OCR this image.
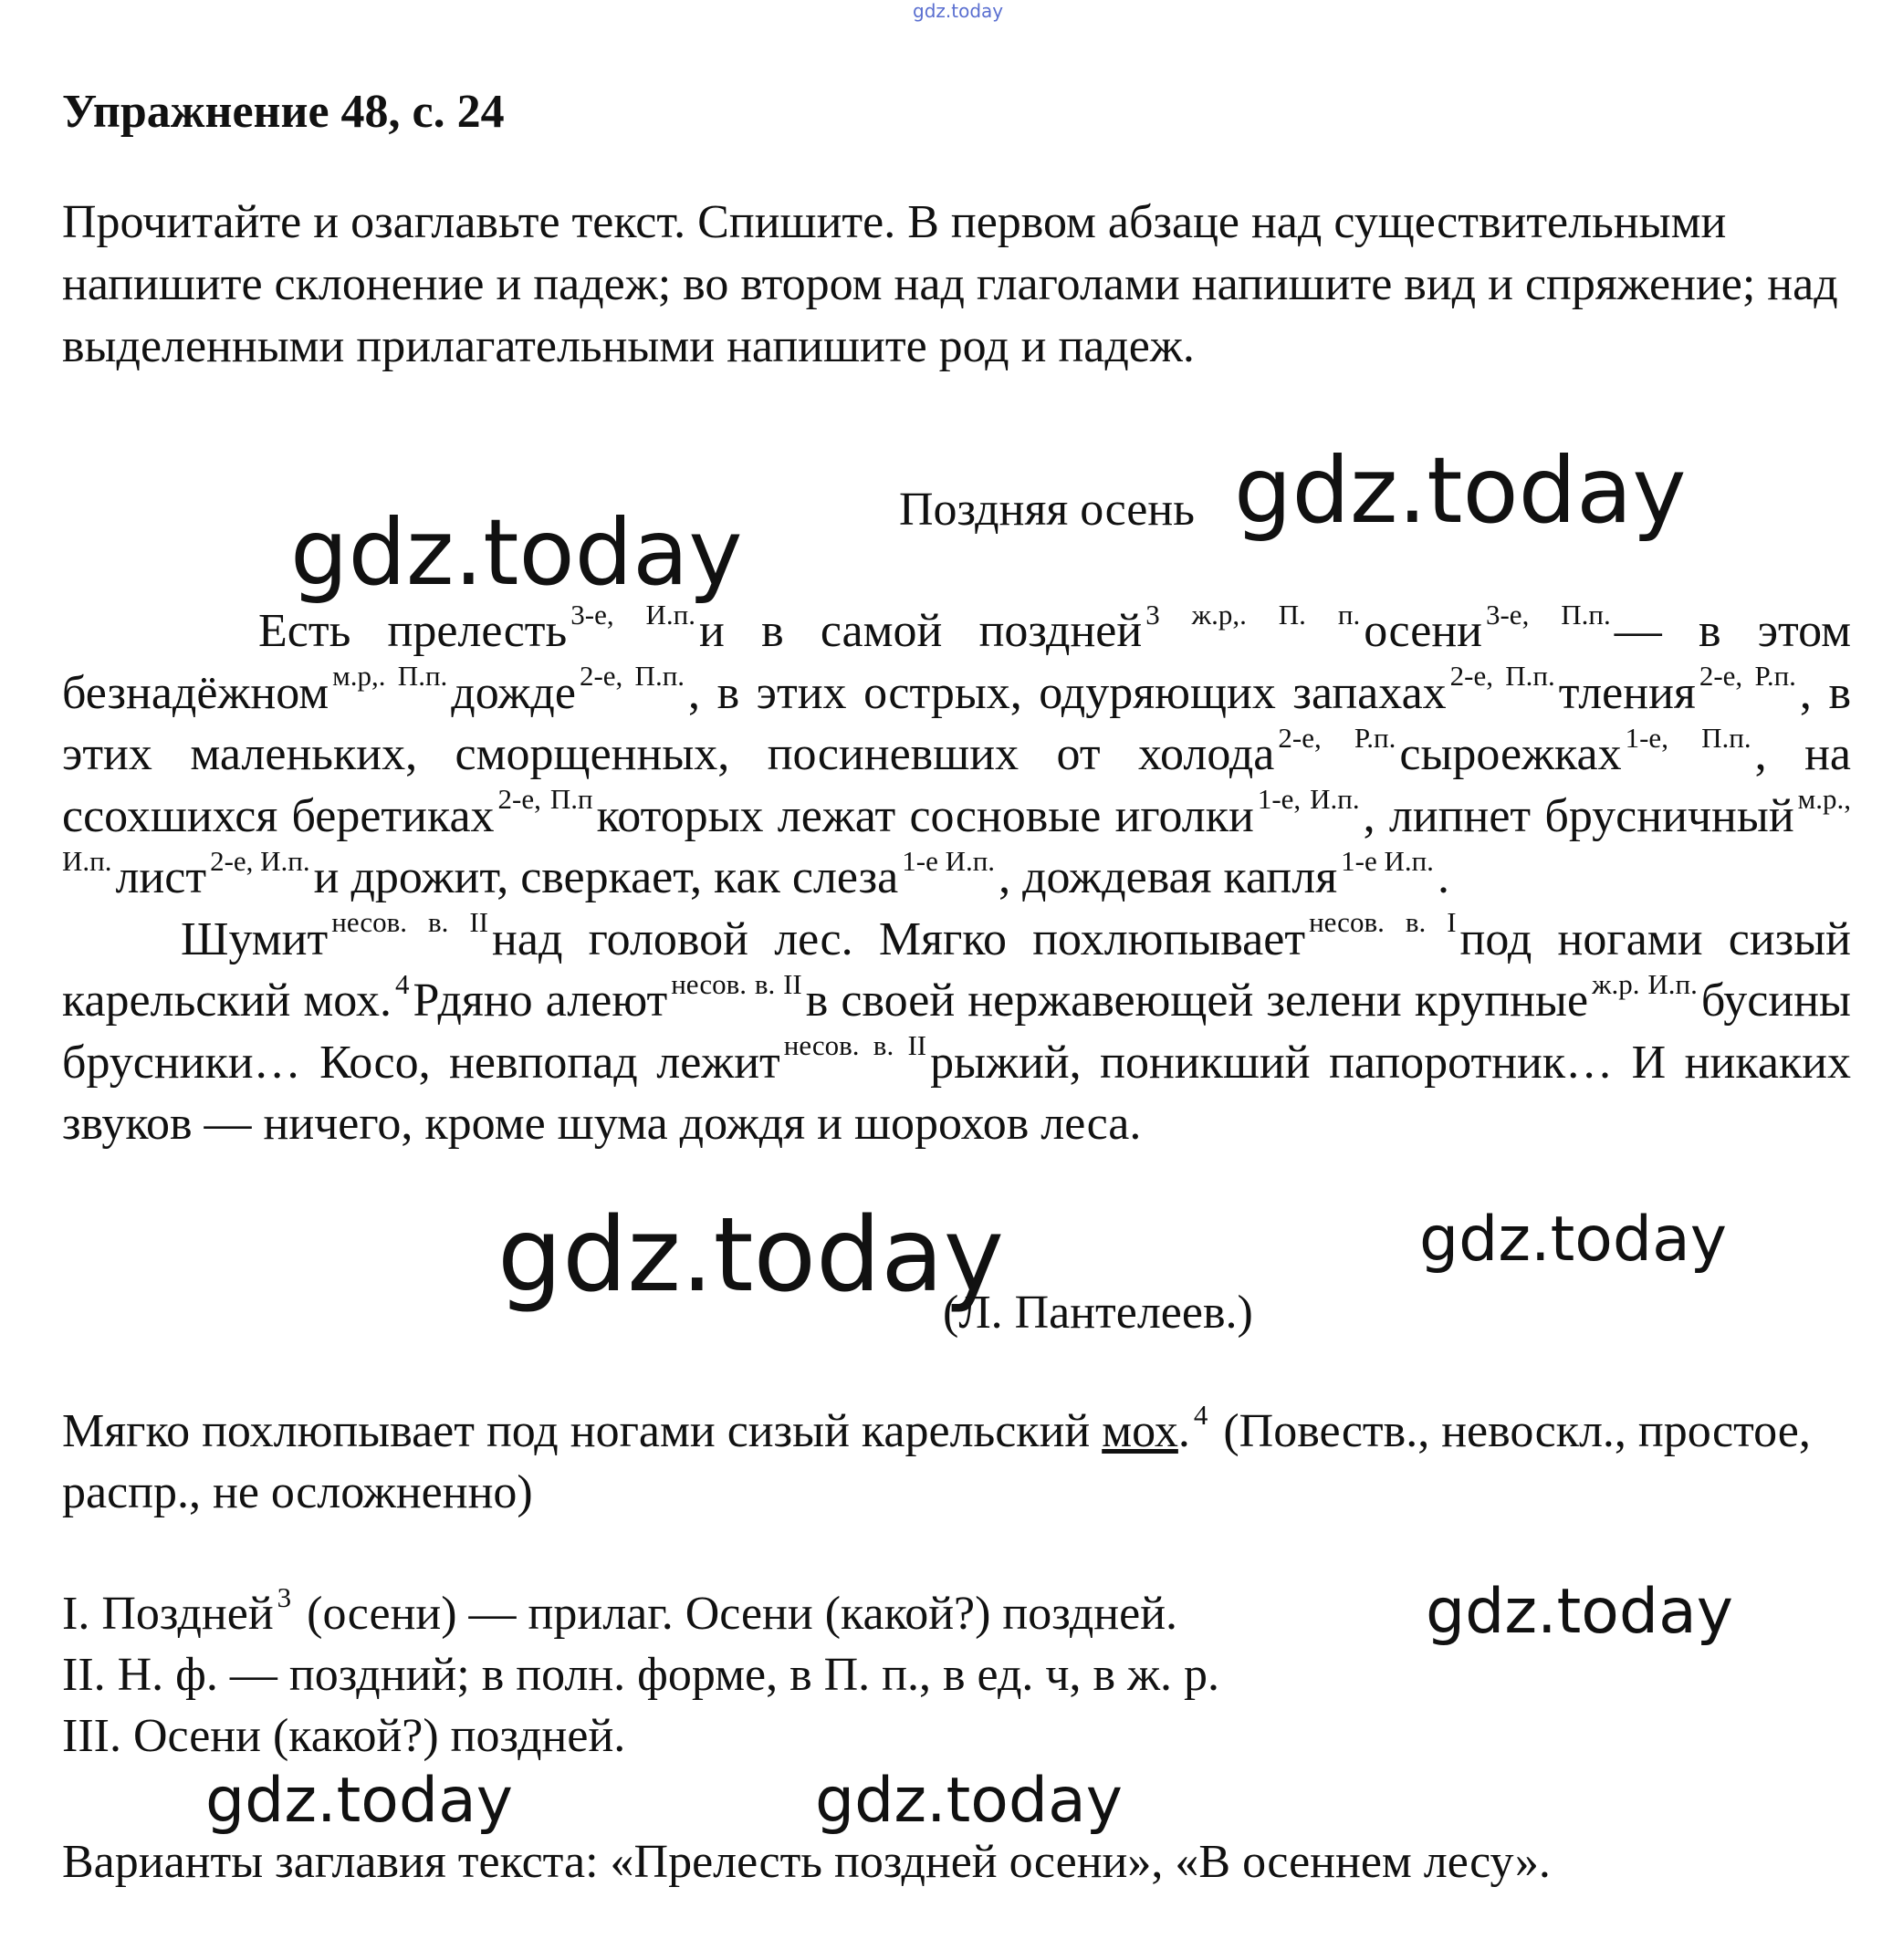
gdz.today
Упражнение 48, с. 24

Прочитайте и озаглавьте текст. Спишите. В первом абзаце над существительными напишите склонение и падеж; во втором над глаголами напишите вид и спряжение; над выделенными прилагательными напишите род и падеж.

Поздняя осень

Есть прелесть $^{3-е, И.п.}$и в самой поздней $^{3 ж.р,. П. п.}$осени $^{3-е, П.п.}$— в этом безнадёжном $^{м.р,. П.п.}$дожде $^{2-е, П.п.}$, в этих острых, одуряющих запахах $^{2-е, П.п.}$тления $^{2-е, Р.п.}$, в этих маленьких, сморщенных, посиневших от холода $^{2-е, Р.п.}$сыроежках $^{1-е, П.п.}$, на ссохшихся беретиках $^{2-е, П.п}$которых лежат сосновые иголки $^{1-е, И.п.}$, липнет брусничный $^{м.р., И.п.}$лист $^{2-е, И.п.}$и дрожит, сверкает, как слеза $^{1-е И.п.}$, дождевая капля $^{1-е И.п.}$.

Шумит $^{несов. в. II}$над головой лес. Мягко похлюпывает $^{несов. в. I}$под ногами сизый карельский мох. $^4$Рдяно алеют $^{несов. в. II}$в своей нержавеющей зелени крупные $^{ж.р. И.п.}$бусины брусники… Косо, невпопад лежит $^{несов. в. II}$рыжий, поникший папоротник… И никаких звуков — ничего, кроме шума дождя и шорохов леса.

(Л. Пантелеев.)

Мягко похлюпывает под ногами сизый карельский мох. $^4$ (Повеств., невоскл., простое, распр., не осложненно)

I. Поздней $^3$ (осени) — прилаг. Осени (какой?) поздней.
II. Н. ф. — поздний; в полн. форме, в П. п., в ед. ч, в ж. р.
III. Осени (какой?) поздней.

Варианты заглавия текста: «Прелесть поздней осени», «В осеннем лесу».

gdz.today
gdz.today
gdz.today	gdz.today
gdz.today
gdz.today	gdz.today
